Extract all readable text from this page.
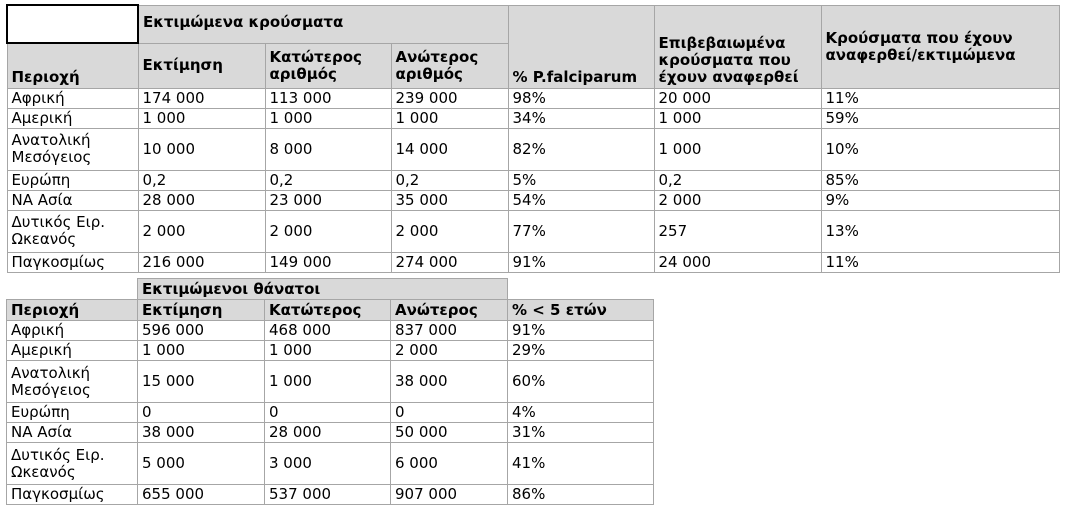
	Εκτιμώμενα κρούσματα			% P.falciparum	Επιβεβαιωμένα κρούσματα που έχουν αναφερθεί	Κρούσματα που έχουν αναφερθεί/εκτιμώμενα
Περιοχή	Εκτίμηση	Κατώτερος αριθμός	Ανώτερος αριθμός			
Αφρική	174 000	113 000	239 000	98%	20 000	11%
Αμερική	1 000	1 000	1 000	34%	1 000	59%
Ανατολική Μεσόγειος	10 000	8 000	14 000	82%	1 000	10%
Ευρώπη	0,2	0,2	0,2	5%	0,2	85%
ΝΑ Ασία	28 000	23 000	35 000	54%	2 000	9%
Δυτικός Ειρ. Ωκεανός	2 000	2 000	2 000	77%	257	13%
Παγκοσμίως	216 000	149 000	274 000	91%	24 000	11%
	Εκτιμώμενοι θάνατοι			
Περιοχή	Εκτίμηση	Κατώτερος	Ανώτερος	% < 5 ετών
Αφρική	596 000	468 000	837 000	91%
Αμερική	1 000	1 000	2 000	29%
Ανατολική Μεσόγειος	15 000	1 000	38 000	60%
Ευρώπη	0	0	0	4%
ΝΑ Ασία	38 000	28 000	50 000	31%
Δυτικός Ειρ. Ωκεανός	5 000	3 000	6 000	41%
Παγκοσμίως	655 000	537 000	907 000	86%
